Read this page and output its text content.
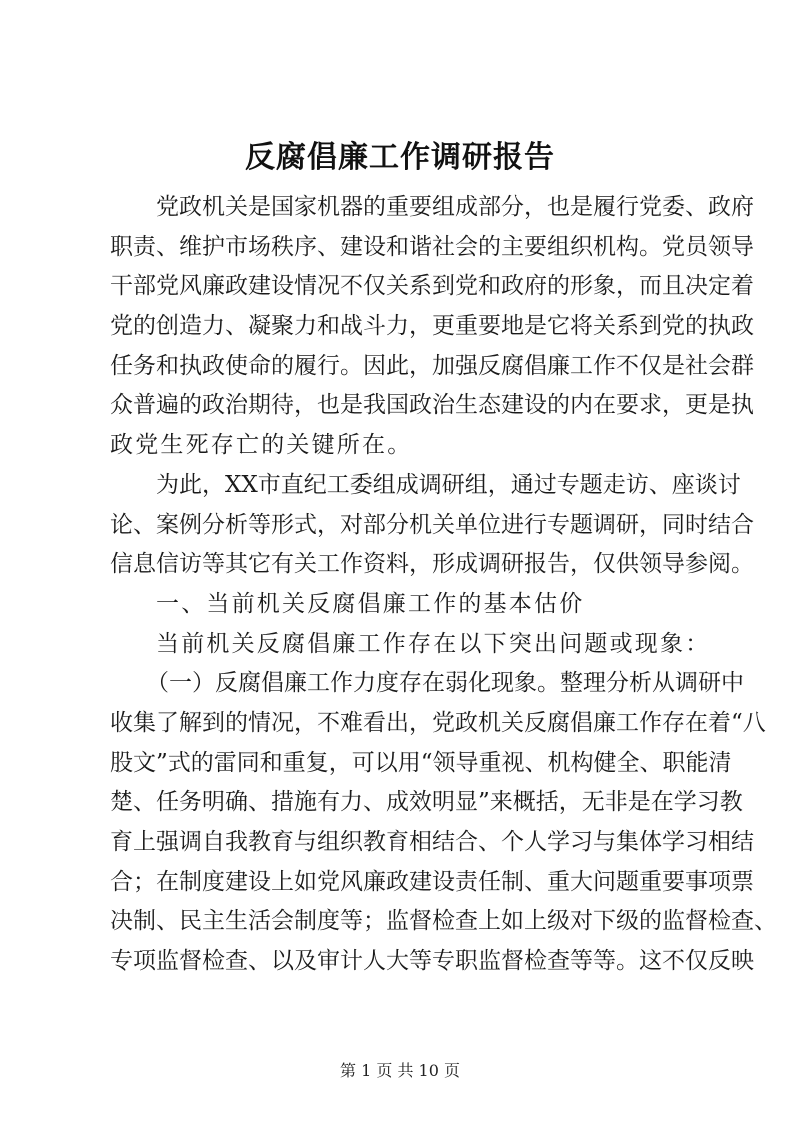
反腐倡廉工作调研报告
党 政 机 关 是 国 家 机 器 的 重 要 组 成 部 分 ， 也 是 履 行 党 委 、 政 府
职 责 、 维 护 市 场 秩 序 、 建 设 和 谐 社 会 的 主 要 组 织 机 构 。 党 员 领 导
干 部 党 风 廉 政 建 设 情 况 不 仅 关 系 到 党 和 政 府 的 形 象 ， 而 且 决 定 着
党 的 创 造 力 、 凝 聚 力 和 战 斗 力 ， 更 重 要 地 是 它 将 关 系 到 党 的 执 政
任 务 和 执 政 使 命 的 履 行 。 因 此 ， 加 强 反 腐 倡 廉 工 作 不 仅 是 社 会 群
众 普 遍 的 政 治 期 待 ， 也 是 我 国 政 治 生 态 建 设 的 内 在 要 求 ， 更 是 执
政党生死存亡的关键所在。
为 此 ， X X 市 直 纪 工 委 组 成 调 研 组 ， 通 过 专 题 走 访 、 座 谈 讨
论 、 案 例 分 析 等 形 式 ， 对 部 分 机 关 单 位 进 行 专 题 调 研 ， 同 时 结 合
信 息 信 访 等 其 它 有 关 工 作 资 料 ， 形 成 调 研 报 告 ， 仅 供 领 导 参 阅 。
一、当前机关反腐倡廉工作的基本估价
当前机关反腐倡廉工作存在以下突出问题或现象：
（ 一 ） 反 腐 倡 廉 工 作 力 度 存 在 弱 化 现 象 。 整 理 分 析 从 调 研 中
收 集 了 解 到 的 情 况 ， 不 难 看 出 ， 党 政 机 关 反 腐 倡 廉 工 作 存 在 着 “ 八
股 文 ” 式 的 雷 同 和 重 复 ， 可 以 用 “ 领 导 重 视 、 机 构 健 全 、 职 能 清
楚 、 任 务 明 确 、 措 施 有 力 、 成 效 明 显 ” 来 概 括 ， 无 非 是 在 学 习 教
育 上 强 调 自 我 教 育 与 组 织 教 育 相 结 合 、 个 人 学 习 与 集 体 学 习 相 结
合 ； 在 制 度 建 设 上 如 党 风 廉 政 建 设 责 任 制 、 重 大 问 题 重 要 事 项 票
决 制 、 民 主 生 活 会 制 度 等 ； 监 督 检 查 上 如 上 级 对 下 级 的 监 督 检 查 、
专 项 监 督 检 查 、 以 及 审 计 人 大 等 专 职 监 督 检 查 等 等 。 这 不 仅 反 映
第 1 页 共 10 页
